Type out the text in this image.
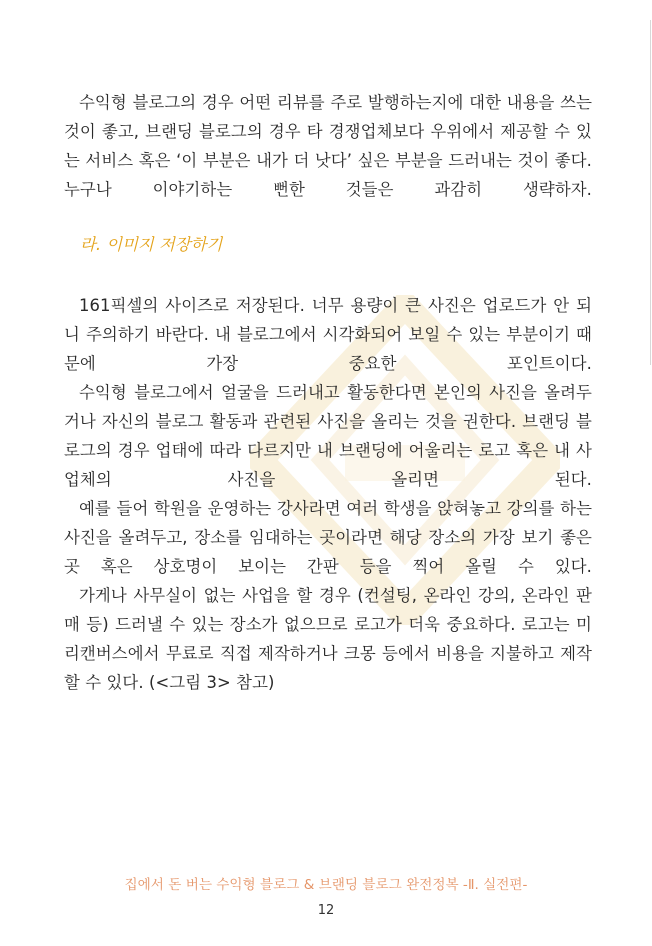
수익형 블로그의 경우 어떤 리뷰를 주로 발행하는지에 대한 내용을 쓰는 것이 좋고, 브랜딩 블로그의 경우 타 경쟁업체보다 우위에서 제공할 수 있는 서비스 혹은 ‘이 부분은 내가 더 낫다’ 싶은 부분을 드러내는 것이 좋다. 누구나 이야기하는 뻔한 것들은 과감히 생략하자.

라. 이미지 저장하기

161픽셀의 사이즈로 저장된다. 너무 용량이 큰 사진은 업로드가 안 되니 주의하기 바란다. 내 블로그에서 시각화되어 보일 수 있는 부분이기 때문에 가장 중요한 포인트이다.

수익형 블로그에서 얼굴을 드러내고 활동한다면 본인의 사진을 올려두거나 자신의 블로그 활동과 관련된 사진을 올리는 것을 권한다. 브랜딩 블로그의 경우 업태에 따라 다르지만 내 브랜딩에 어울리는 로고 혹은 내 사업체의 사진을 올리면 된다.

예를 들어 학원을 운영하는 강사라면 여러 학생을 앉혀놓고 강의를 하는 사진을 올려두고, 장소를 임대하는 곳이라면 해당 장소의 가장 보기 좋은 곳 혹은 상호명이 보이는 간판 등을 찍어 올릴 수 있다.

가게나 사무실이 없는 사업을 할 경우 (컨설팅, 온라인 강의, 온라인 판매 등) 드러낼 수 있는 장소가 없으므로 로고가 더욱 중요하다. 로고는 미리캔버스에서 무료로 직접 제작하거나 크몽 등에서 비용을 지불하고 제작할 수 있다. (<그림 3> 참고)

집에서 돈 버는 수익형 블로그 & 브랜딩 블로그 완전정복 -Ⅱ. 실전편-

12
